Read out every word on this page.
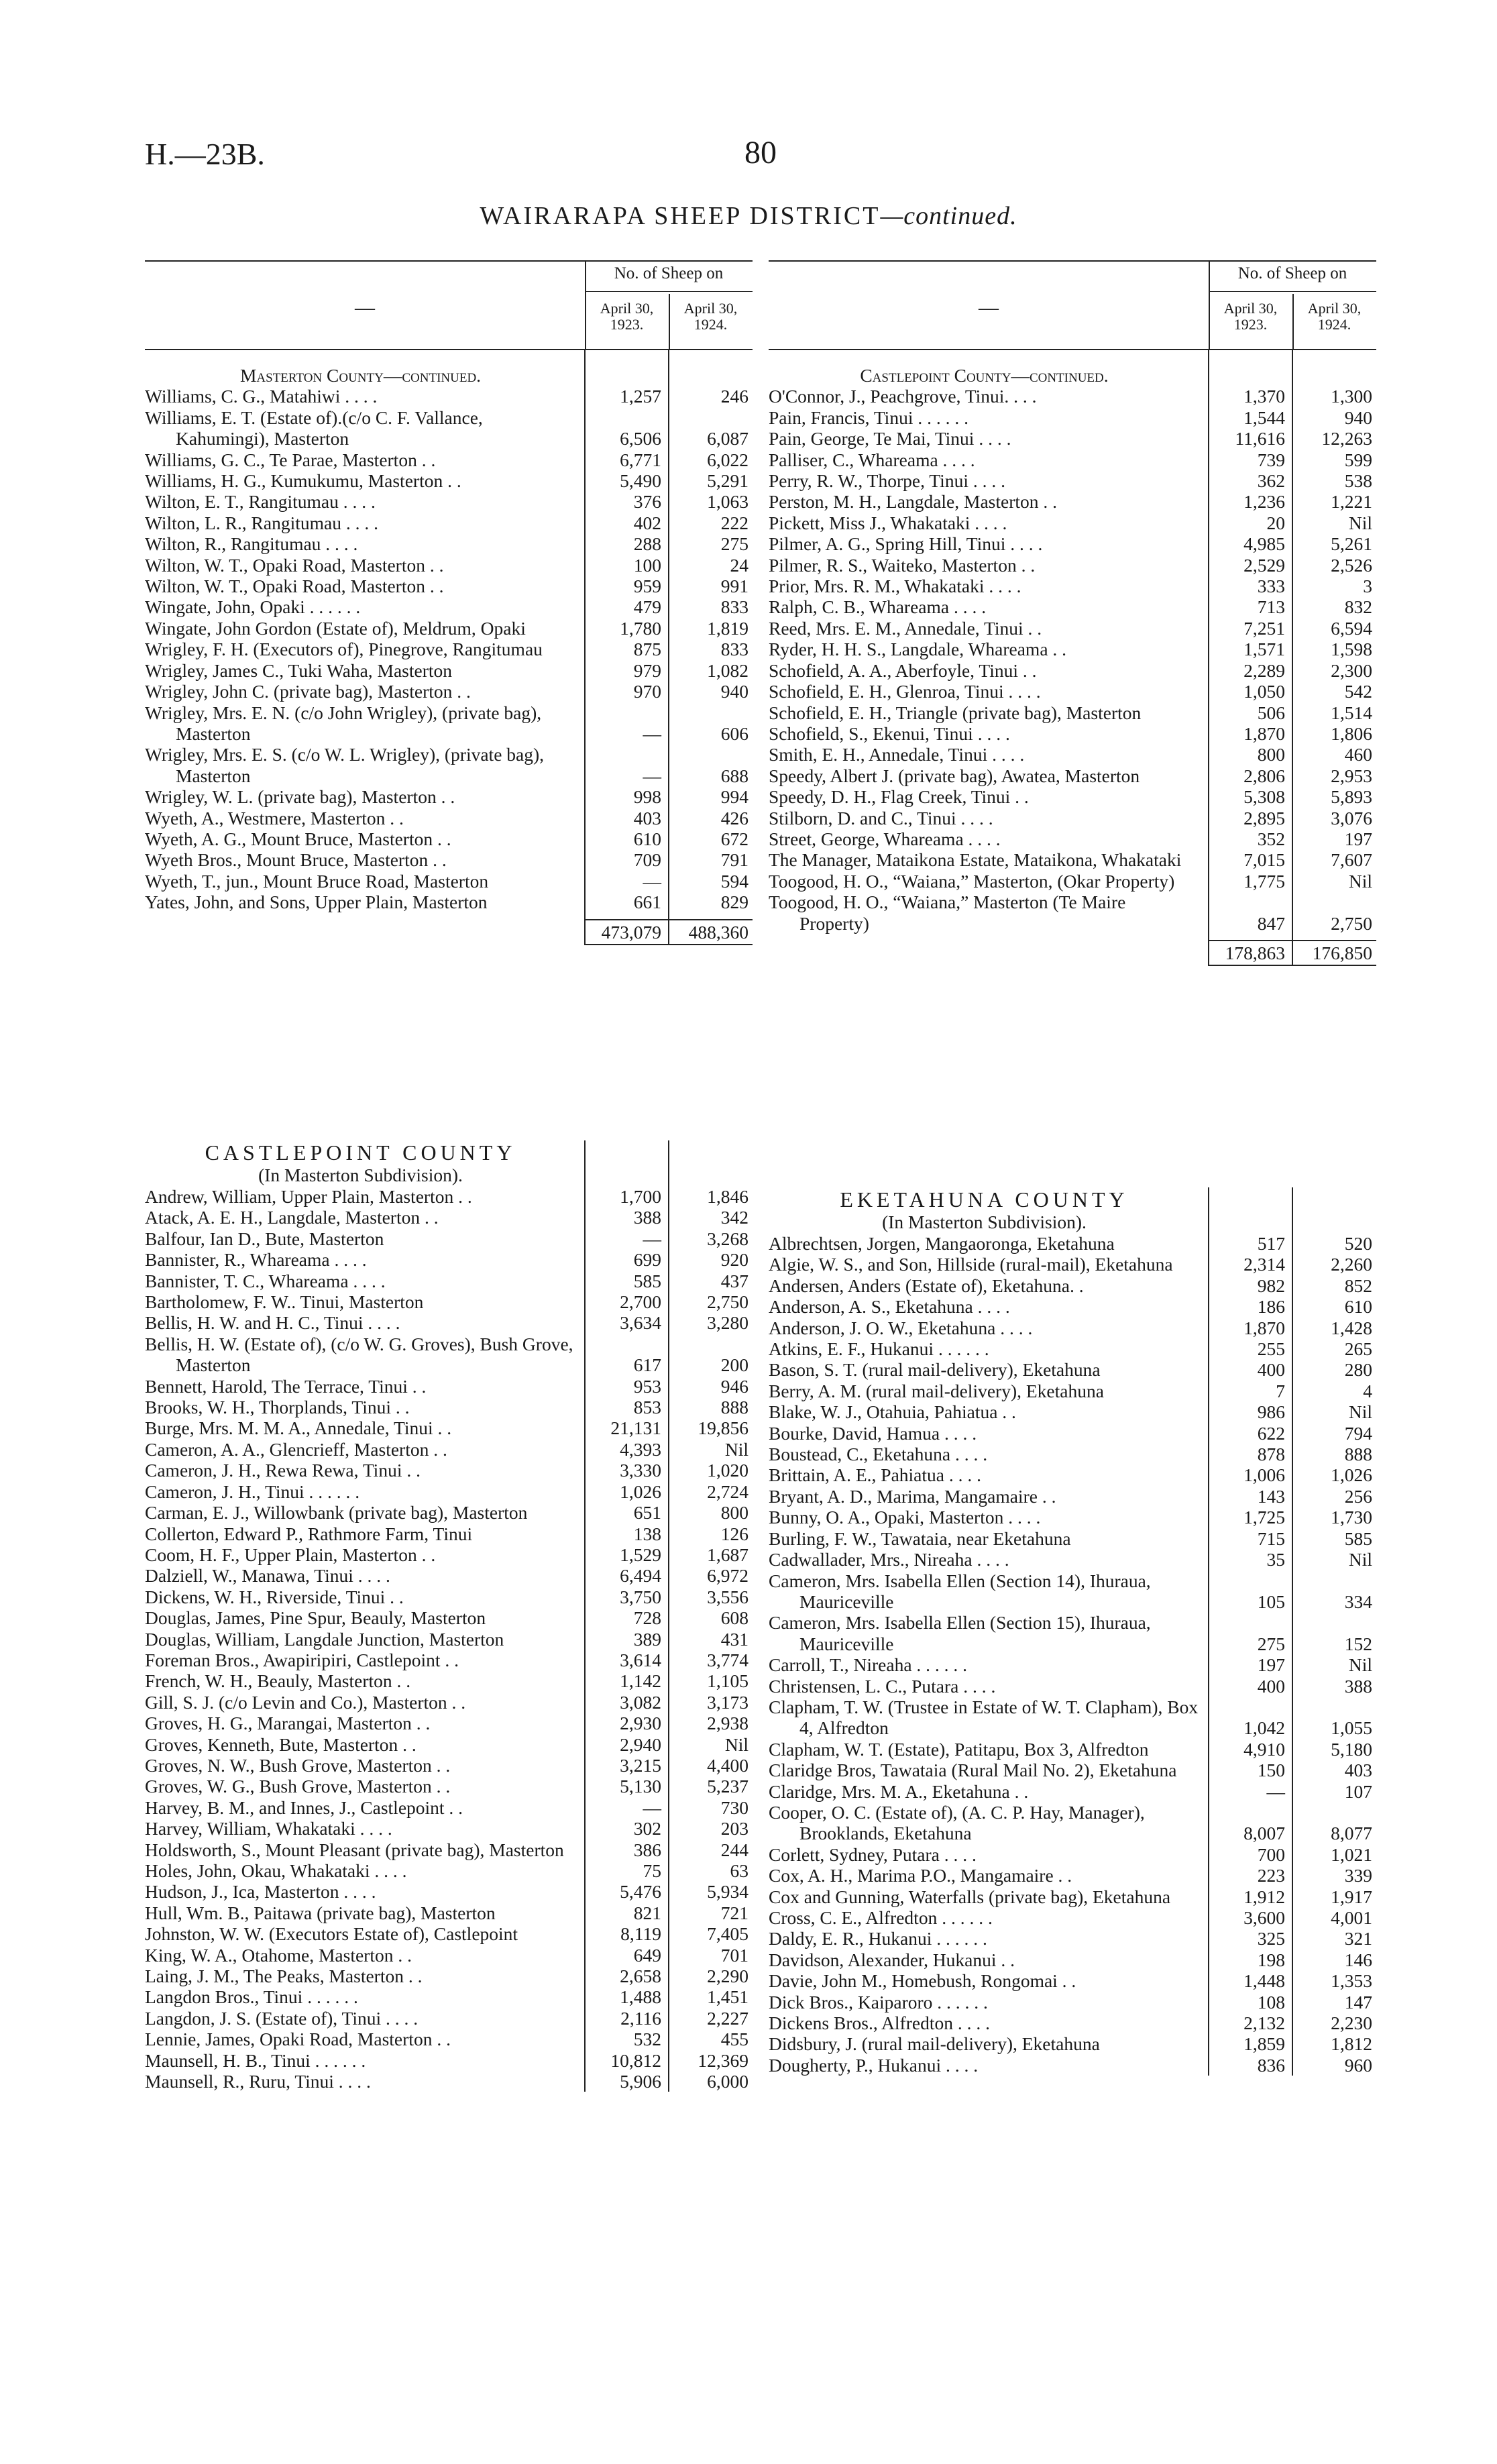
H.—23B.	80
WAIRARAPA SHEEP DISTRICT—continued.
—
No. of Sheep on
April 30,
1923.
April 30,
1924.
Masterton County—continued.		
Williams, C. G., Matahiwi . . . .	1,257	246
Williams, E. T. (Estate of).(c/o C. F. Vallance, Kahumingi), Masterton	6,506	6,087
Williams, G. C., Te Parae, Masterton . .	6,771	6,022
Williams, H. G., Kumukumu, Masterton . .	5,490	5,291
Wilton, E. T., Rangitumau . . . .	376	1,063
Wilton, L. R., Rangitumau . . . .	402	222
Wilton, R., Rangitumau . . . .	288	275
Wilton, W. T., Opaki Road, Masterton . .	100	24
Wilton, W. T., Opaki Road, Masterton . .	959	991
Wingate, John, Opaki . . . . . .	479	833
Wingate, John Gordon (Estate of), Meldrum, Opaki	1,780	1,819
Wrigley, F. H. (Executors of), Pinegrove, Rangitumau	875	833
Wrigley, James C., Tuki Waha, Masterton	979	1,082
Wrigley, John C. (private bag), Masterton . .	970	940
Wrigley, Mrs. E. N. (c/o John Wrigley), (private bag), Masterton	—	606
Wrigley, Mrs. E. S. (c/o W. L. Wrigley), (private bag), Masterton	—	688
Wrigley, W. L. (private bag), Masterton . .	998	994
Wyeth, A., Westmere, Masterton . .	403	426
Wyeth, A. G., Mount Bruce, Masterton . .	610	672
Wyeth Bros., Mount Bruce, Masterton . .	709	791
Wyeth, T., jun., Mount Bruce Road, Masterton	—	594
Yates, John, and Sons, Upper Plain, Masterton	661	829

	473,079	488,360
—
No. of Sheep on
April 30,
1923.
April 30,
1924.
Castlepoint County—continued.		
O'Connor, J., Peachgrove, Tinui. . . .	1,370	1,300
Pain, Francis, Tinui . . . . . .	1,544	940
Pain, George, Te Mai, Tinui . . . .	11,616	12,263
Palliser, C., Whareama . . . .	739	599
Perry, R. W., Thorpe, Tinui . . . .	362	538
Perston, M. H., Langdale, Masterton . .	1,236	1,221
Pickett, Miss J., Whakataki . . . .	20	Nil
Pilmer, A. G., Spring Hill, Tinui . . . .	4,985	5,261
Pilmer, R. S., Waiteko, Masterton . .	2,529	2,526
Prior, Mrs. R. M., Whakataki . . . .	333	3
Ralph, C. B., Whareama . . . .	713	832
Reed, Mrs. E. M., Annedale, Tinui . .	7,251	6,594
Ryder, H. H. S., Langdale, Whareama . .	1,571	1,598
Schofield, A. A., Aberfoyle, Tinui . .	2,289	2,300
Schofield, E. H., Glenroa, Tinui . . . .	1,050	542
Schofield, E. H., Triangle (private bag), Masterton	506	1,514
Schofield, S., Ekenui, Tinui . . . .	1,870	1,806
Smith, E. H., Annedale, Tinui . . . .	800	460
Speedy, Albert J. (private bag), Awatea, Masterton	2,806	2,953
Speedy, D. H., Flag Creek, Tinui . .	5,308	5,893
Stilborn, D. and C., Tinui . . . .	2,895	3,076
Street, George, Whareama . . . .	352	197
The Manager, Mataikona Estate, Mataikona, Whakataki	7,015	7,607
Toogood, H. O., “Waiana,” Masterton, (Okar Property)	1,775	Nil
Toogood, H. O., “Waiana,” Masterton (Te Maire Property)	847	2,750

	178,863	176,850
CASTLEPOINT COUNTY
(In Masterton Subdivision).		

Andrew, William, Upper Plain, Masterton . .	1,700	1,846
Atack, A. E. H., Langdale, Masterton . .	388	342
Balfour, Ian D., Bute, Masterton	—	3,268
Bannister, R., Whareama . . . .	699	920
Bannister, T. C., Whareama . . . .	585	437
Bartholomew, F. W.. Tinui, Masterton	2,700	2,750
Bellis, H. W. and H. C., Tinui . . . .	3,634	3,280
Bellis, H. W. (Estate of), (c/o W. G. Groves), Bush Grove, Masterton	617	200
Bennett, Harold, The Terrace, Tinui . .	953	946
Brooks, W. H., Thorplands, Tinui . .	853	888
Burge, Mrs. M. M. A., Annedale, Tinui . .	21,131	19,856
Cameron, A. A., Glencrieff, Masterton . .	4,393	Nil
Cameron, J. H., Rewa Rewa, Tinui . .	3,330	1,020
Cameron, J. H., Tinui . . . . . .	1,026	2,724
Carman, E. J., Willowbank (private bag), Masterton	651	800
Collerton, Edward P., Rathmore Farm, Tinui	138	126
Coom, H. F., Upper Plain, Masterton . .	1,529	1,687
Dalziell, W., Manawa, Tinui . . . .	6,494	6,972
Dickens, W. H., Riverside, Tinui . .	3,750	3,556
Douglas, James, Pine Spur, Beauly, Masterton	728	608
Douglas, William, Langdale Junction, Masterton	389	431
Foreman Bros., Awapiripiri, Castlepoint . .	3,614	3,774
French, W. H., Beauly, Masterton . .	1,142	1,105
Gill, S. J. (c/o Levin and Co.), Masterton . .	3,082	3,173
Groves, H. G., Marangai, Masterton . .	2,930	2,938
Groves, Kenneth, Bute, Masterton . .	2,940	Nil
Groves, N. W., Bush Grove, Masterton . .	3,215	4,400
Groves, W. G., Bush Grove, Masterton . .	5,130	5,237
Harvey, B. M., and Innes, J., Castlepoint . .	—	730
Harvey, William, Whakataki . . . .	302	203
Holdsworth, S., Mount Pleasant (private bag), Masterton	386	244
Holes, John, Okau, Whakataki . . . .	75	63
Hudson, J., Ica, Masterton . . . .	5,476	5,934
Hull, Wm. B., Paitawa (private bag), Masterton	821	721
Johnston, W. W. (Executors Estate of), Castlepoint	8,119	7,405
King, W. A., Otahome, Masterton . .	649	701
Laing, J. M., The Peaks, Masterton . .	2,658	2,290
Langdon Bros., Tinui . . . . . .	1,488	1,451
Langdon, J. S. (Estate of), Tinui . . . .	2,116	2,227
Lennie, James, Opaki Road, Masterton . .	532	455
Maunsell, H. B., Tinui . . . . . .	10,812	12,369
Maunsell, R., Ruru, Tinui . . . .	5,906	6,000
EKETAHUNA COUNTY
(In Masterton Subdivision).		

Albrechtsen, Jorgen, Mangaoronga, Eketahuna	517	520
Algie, W. S., and Son, Hillside (rural-mail), Eketahuna	2,314	2,260
Andersen, Anders (Estate of), Eketahuna. .	982	852
Anderson, A. S., Eketahuna . . . .	186	610
Anderson, J. O. W., Eketahuna . . . .	1,870	1,428
Atkins, E. F., Hukanui . . . . . .	255	265
Bason, S. T. (rural mail-delivery), Eketahuna	400	280
Berry, A. M. (rural mail-delivery), Eketahuna	7	4
Blake, W. J., Otahuia, Pahiatua . .	986	Nil
Bourke, David, Hamua . . . .	622	794
Boustead, C., Eketahuna . . . .	878	888
Brittain, A. E., Pahiatua . . . .	1,006	1,026
Bryant, A. D., Marima, Mangamaire . .	143	256
Bunny, O. A., Opaki, Masterton . . . .	1,725	1,730
Burling, F. W., Tawataia, near Eketahuna	715	585
Cadwallader, Mrs., Nireaha . . . .	35	Nil
Cameron, Mrs. Isabella Ellen (Section 14), Ihuraua, Mauriceville	105	334
Cameron, Mrs. Isabella Ellen (Section 15), Ihuraua, Mauriceville	275	152
Carroll, T., Nireaha . . . . . .	197	Nil
Christensen, L. C., Putara . . . .	400	388
Clapham, T. W. (Trustee in Estate of W. T. Clapham), Box 4, Alfredton	1,042	1,055
Clapham, W. T. (Estate), Patitapu, Box 3, Alfredton	4,910	5,180
Claridge Bros, Tawataia (Rural Mail No. 2), Eketahuna	150	403
Claridge, Mrs. M. A., Eketahuna . .	—	107
Cooper, O. C. (Estate of), (A. C. P. Hay, Manager), Brooklands, Eketahuna	8,007	8,077
Corlett, Sydney, Putara . . . .	700	1,021
Cox, A. H., Marima P.O., Mangamaire . .	223	339
Cox and Gunning, Waterfalls (private bag), Eketahuna	1,912	1,917
Cross, C. E., Alfredton . . . . . .	3,600	4,001
Daldy, E. R., Hukanui . . . . . .	325	321
Davidson, Alexander, Hukanui . .	198	146
Davie, John M., Homebush, Rongomai . .	1,448	1,353
Dick Bros., Kaiparoro . . . . . .	108	147
Dickens Bros., Alfredton . . . .	2,132	2,230
Didsbury, J. (rural mail-delivery), Eketahuna	1,859	1,812
Dougherty, P., Hukanui . . . .	836	960
